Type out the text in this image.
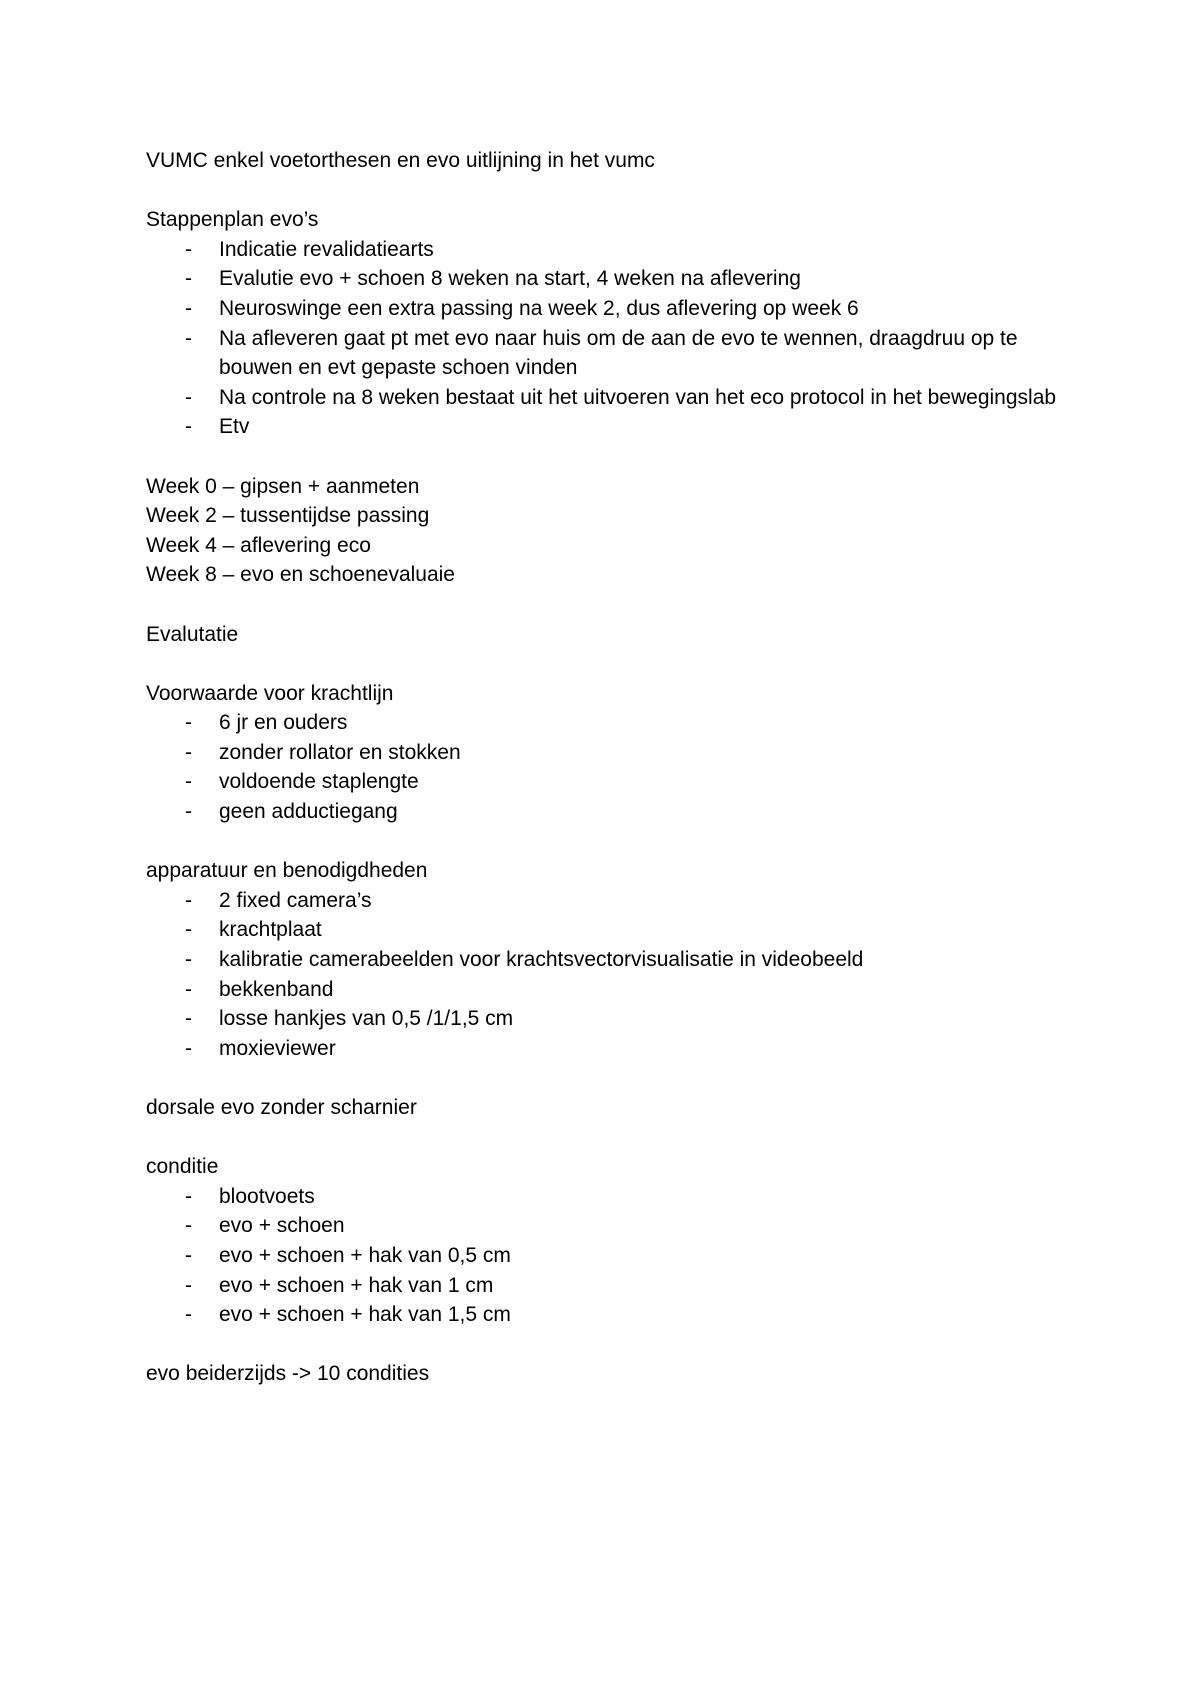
VUMC enkel voetorthesen en evo uitlijning in het vumc

Stappenplan evo’s

- Indicatie revalidatiearts
- Evalutie evo + schoen 8 weken na start, 4 weken na aflevering
- Neuroswinge een extra passing na week 2, dus aflevering op week 6
- Na afleveren gaat pt met evo naar huis om de aan de evo te wennen, draagdruu op te bouwen en evt gepaste schoen vinden
- Na controle na 8 weken bestaat uit het uitvoeren van het eco protocol in het bewegingslab
- Etv

Week 0 – gipsen + aanmeten

Week 2 – tussentijdse passing

Week 4 – aflevering eco

Week 8 – evo en schoenevaluaie

Evalutatie

Voorwaarde voor krachtlijn

- 6 jr en ouders
- zonder rollator en stokken
- voldoende staplengte
- geen adductiegang

apparatuur en benodigdheden

- 2 fixed camera’s
- krachtplaat
- kalibratie camerabeelden voor krachtsvectorvisualisatie in videobeeld
- bekkenband
- losse hankjes van 0,5 /1/1,5 cm
- moxieviewer

dorsale evo zonder scharnier

conditie

- blootvoets
- evo + schoen
- evo + schoen + hak van 0,5 cm
- evo + schoen + hak van 1 cm
- evo + schoen + hak van 1,5 cm

evo beiderzijds -> 10 condities
